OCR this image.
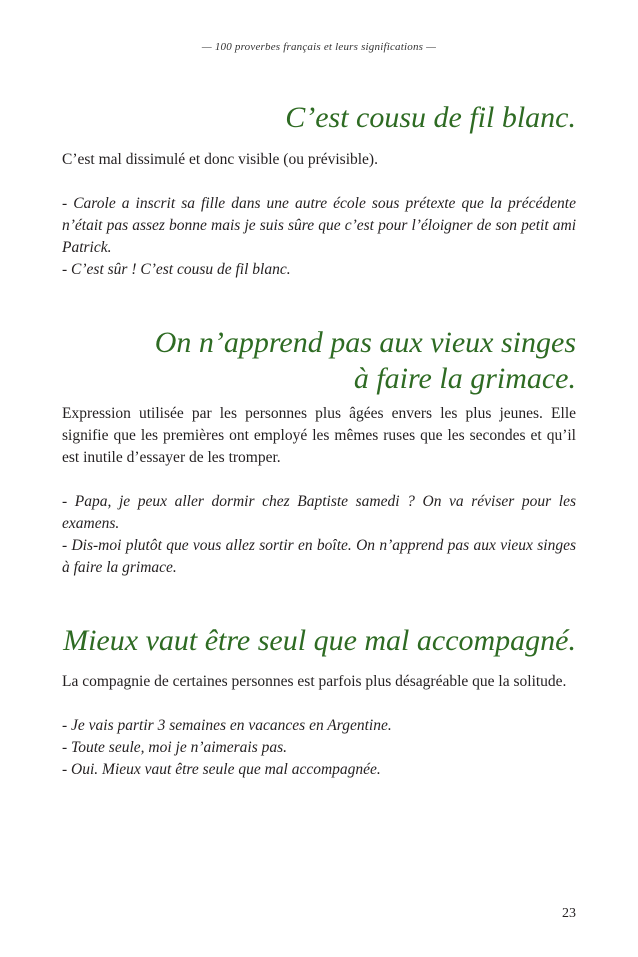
— 100 proverbes français et leurs significations —
C’est cousu de fil blanc.

C’est mal dissimulé et donc visible (ou prévisible).

- Carole a inscrit sa fille dans une autre école sous prétexte que la précédente n’était pas assez bonne mais je suis sûre que c’est pour l’éloigner de son petit ami Patrick.
- C’est sûr ! C’est cousu de fil blanc.

On n’apprend pas aux vieux singes
à faire la grimace.

Expression utilisée par les personnes plus âgées envers les plus jeunes. Elle signifie que les premières ont employé les mêmes ruses que les secondes et qu’il est inutile d’essayer de les tromper.

- Papa, je peux aller dormir chez Baptiste samedi ? On va réviser pour les examens.
- Dis-moi plutôt que vous allez sortir en boîte. On n’apprend pas aux vieux singes à faire la grimace.

Mieux vaut être seul que mal accompagné.

La compagnie de certaines personnes est parfois plus désagréable que la solitude.

- Je vais partir 3 semaines en vacances en Argentine.
- Toute seule, moi je n’aimerais pas.
- Oui. Mieux vaut être seule que mal accompagnée.

23
